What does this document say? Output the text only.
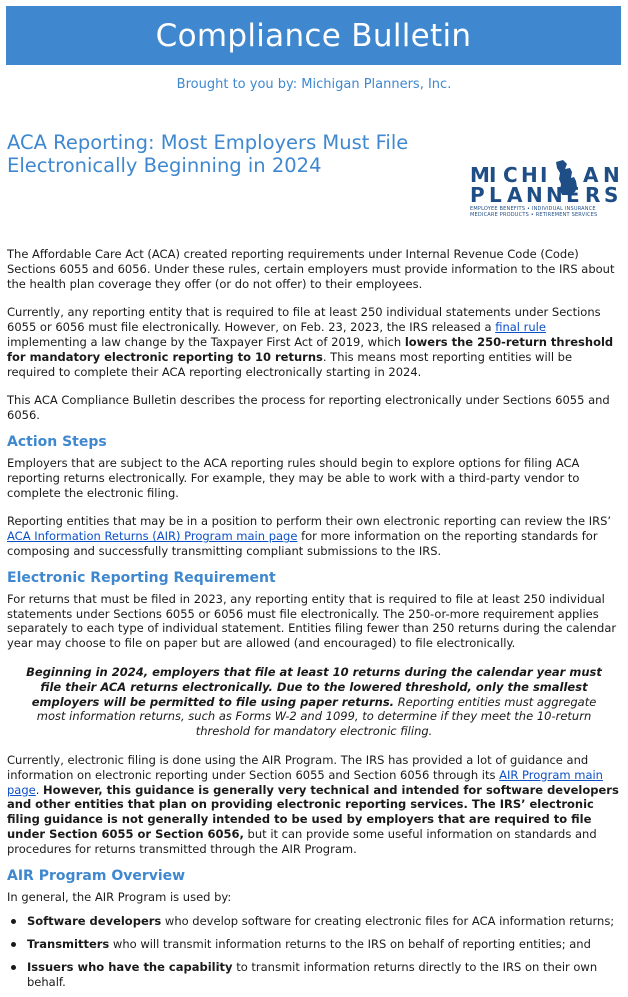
Compliance Bulletin
Brought to you by: Michigan Planners, Inc.
ACA Reporting: Most Employers Must File Electronically Beginning in 2024	M I C H I A N
P L A N N E R S
EMPLOYEE BENEFITS • INDIVIDUAL INSURANCE
MEDICARE PRODUCTS • RETIREMENT SERVICES

The Affordable Care Act (ACA) created reporting requirements under Internal Revenue Code (Code) Sections 6055 and 6056. Under these rules, certain employers must provide information to the IRS about the health plan coverage they offer (or do not offer) to their employees.

Currently, any reporting entity that is required to file at least 250 individual statements under Sections 6055 or 6056 must file electronically. However, on Feb. 23, 2023, the IRS released a final rule implementing a law change by the Taxpayer First Act of 2019, which lowers the 250-return threshold for mandatory electronic reporting to 10 returns. This means most reporting entities will be required to complete their ACA reporting electronically starting in 2024.

This ACA Compliance Bulletin describes the process for reporting electronically under Sections 6055 and 6056.

Action Steps

Employers that are subject to the ACA reporting rules should begin to explore options for filing ACA reporting returns electronically. For example, they may be able to work with a third-party vendor to complete the electronic filing.

Reporting entities that may be in a position to perform their own electronic reporting can review the IRS’ ACA Information Returns (AIR) Program main page for more information on the reporting standards for composing and successfully transmitting compliant submissions to the IRS.

Electronic Reporting Requirement

For returns that must be filed in 2023, any reporting entity that is required to file at least 250 individual statements under Sections 6055 or 6056 must file electronically. The 250-or-more requirement applies separately to each type of individual statement. Entities filing fewer than 250 returns during the calendar year may choose to file on paper but are allowed (and encouraged) to file electronically.

Beginning in 2024, employers that file at least 10 returns during the calendar year must file their ACA returns electronically. Due to the lowered threshold, only the smallest employers will be permitted to file using paper returns. Reporting entities must aggregate most information returns, such as Forms W-2 and 1099, to determine if they meet the 10-return threshold for mandatory electronic filing.

Currently, electronic filing is done using the AIR Program. The IRS has provided a lot of guidance and information on electronic reporting under Section 6055 and Section 6056 through its AIR Program main page. However, this guidance is generally very technical and intended for software developers and other entities that plan on providing electronic reporting services. The IRS’ electronic filing guidance is not generally intended to be used by employers that are required to file under Section 6055 or Section 6056, but it can provide some useful information on standards and procedures for returns transmitted through the AIR Program.

AIR Program Overview

In general, the AIR Program is used by:

Software developers who develop software for creating electronic files for ACA information returns;
Transmitters who will transmit information returns to the IRS on behalf of reporting entities; and
Issuers who have the capability to transmit information returns directly to the IRS on their own behalf.
